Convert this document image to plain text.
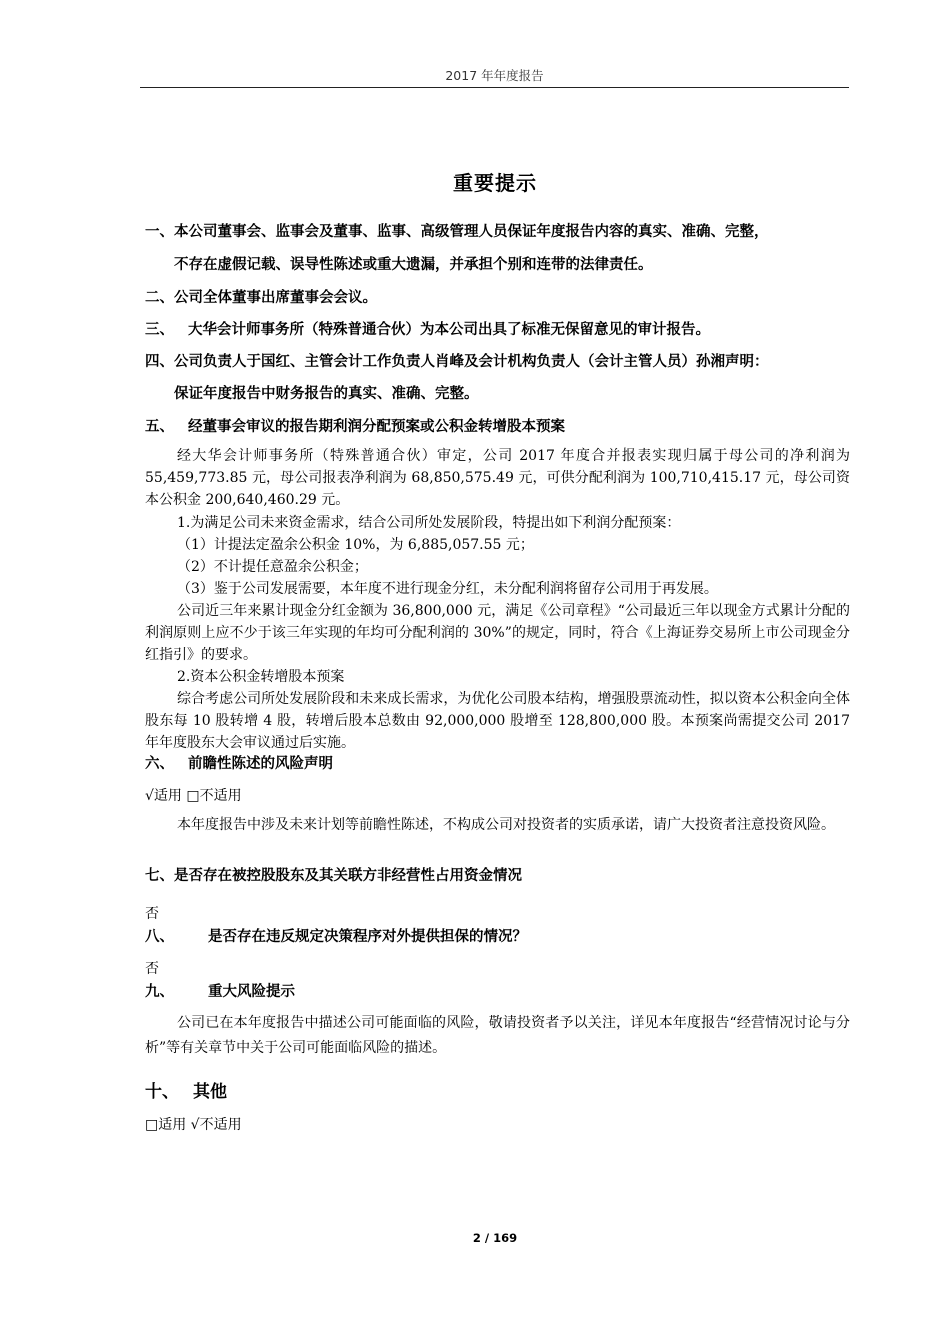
2017 年年度报告
重要提示
一、本公司董事会、监事会及董事、监事、高级管理人员保证年度报告内容的真实、准确、完整，
不存在虚假记载、误导性陈述或重大遗漏，并承担个别和连带的法律责任。
二、公司全体董事出席董事会会议。
三、 大华会计师事务所（特殊普通合伙）为本公司出具了标准无保留意见的审计报告。
四、公司负责人于国红、主管会计工作负责人肖峰及会计机构负责人（会计主管人员）孙湘声明：
保证年度报告中财务报告的真实、准确、完整。
五、 经董事会审议的报告期利润分配预案或公积金转增股本预案
经大华会计师事务所（特殊普通合伙）审定，公司 2017 年度合并报表实现归属于母公司的净利润为 55,459,773.85 元，母公司报表净利润为 68,850,575.49 元，可供分配利润为 100,710,415.17 元，母公司资本公积金 200,640,460.29 元。
1.为满足公司未来资金需求，结合公司所处发展阶段，特提出如下利润分配预案：
（1）计提法定盈余公积金 10%，为 6,885,057.55 元；
（2）不计提任意盈余公积金；
（3）鉴于公司发展需要，本年度不进行现金分红，未分配利润将留存公司用于再发展。
公司近三年来累计现金分红金额为 36,800,000 元，满足《公司章程》“公司最近三年以现金方式累计分配的利润原则上应不少于该三年实现的年均可分配利润的 30%”的规定，同时，符合《上海证券交易所上市公司现金分红指引》的要求。
2.资本公积金转增股本预案
综合考虑公司所处发展阶段和未来成长需求，为优化公司股本结构，增强股票流动性，拟以资本公积金向全体股东每 10 股转增 4 股，转增后股本总数由 92,000,000 股增至 128,800,000 股。本预案尚需提交公司 2017 年年度股东大会审议通过后实施。
六、 前瞻性陈述的风险声明
√适用 □不适用
本年度报告中涉及未来计划等前瞻性陈述，不构成公司对投资者的实质承诺，请广大投资者注意投资风险。
七、是否存在被控股股东及其关联方非经营性占用资金情况
否
八、 是否存在违反规定决策程序对外提供担保的情况？
否
九、 重大风险提示
公司已在本年度报告中描述公司可能面临的风险，敬请投资者予以关注，详见本年度报告“经营情况讨论与分析”等有关章节中关于公司可能面临风险的描述。
十、 其他
□适用 √不适用
2 / 169
